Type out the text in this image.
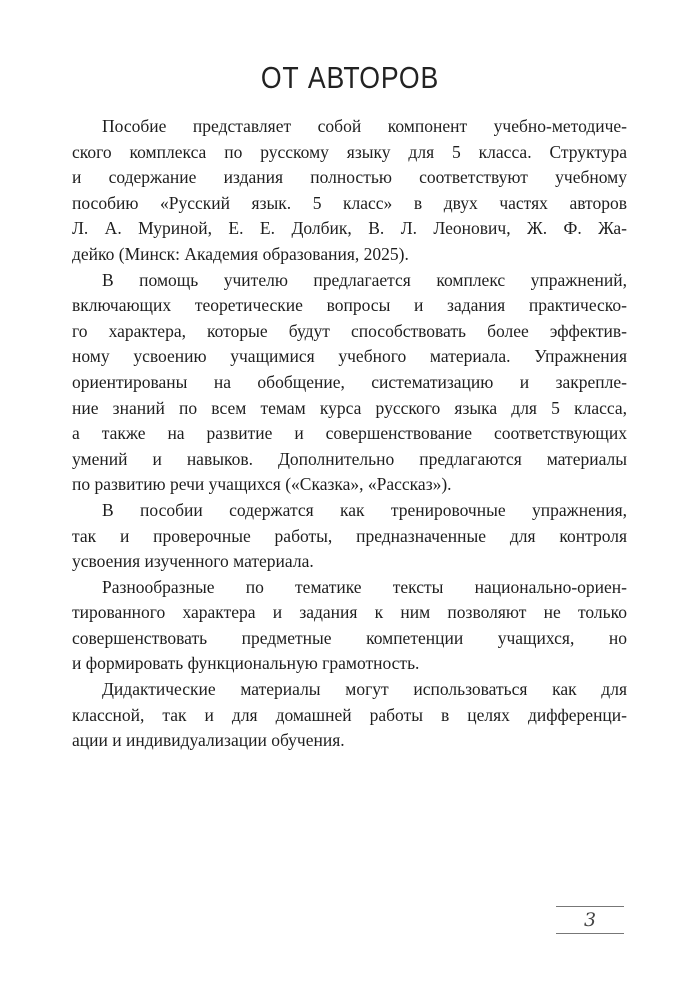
ОТ АВТОРОВ
Пособие представляет собой компонент учебно-методиче-
ского комплекса по русскому языку для 5 класса. Структура
и содержание издания полностью соответствуют учебному
пособию «Русский язык. 5 класс» в двух частях авторов
Л. А. Муриной, Е. Е. Долбик, В. Л. Леонович, Ж. Ф. Жа-
дейко (Минск: Академия образования, 2025).
В помощь учителю предлагается комплекс упражнений,
включающих теоретические вопросы и задания практическо-
го характера, которые будут способствовать более эффектив-
ному усвоению учащимися учебного материала. Упражнения
ориентированы на обобщение, систематизацию и закрепле-
ние знаний по всем темам курса русского языка для 5 класса,
а также на развитие и совершенствование соответствующих
умений и навыков. Дополнительно предлагаются материалы
по развитию речи учащихся («Сказка», «Рассказ»).
В пособии содержатся как тренировочные упражнения,
так и проверочные работы, предназначенные для контроля
усвоения изученного материала.
Разнообразные по тематике тексты национально-ориен-
тированного характера и задания к ним позволяют не только
совершенствовать предметные компетенции учащихся, но
и формировать функциональную грамотность.
Дидактические материалы могут использоваться как для
классной, так и для домашней работы в целях дифференци-
ации и индивидуализации обучения.
3
